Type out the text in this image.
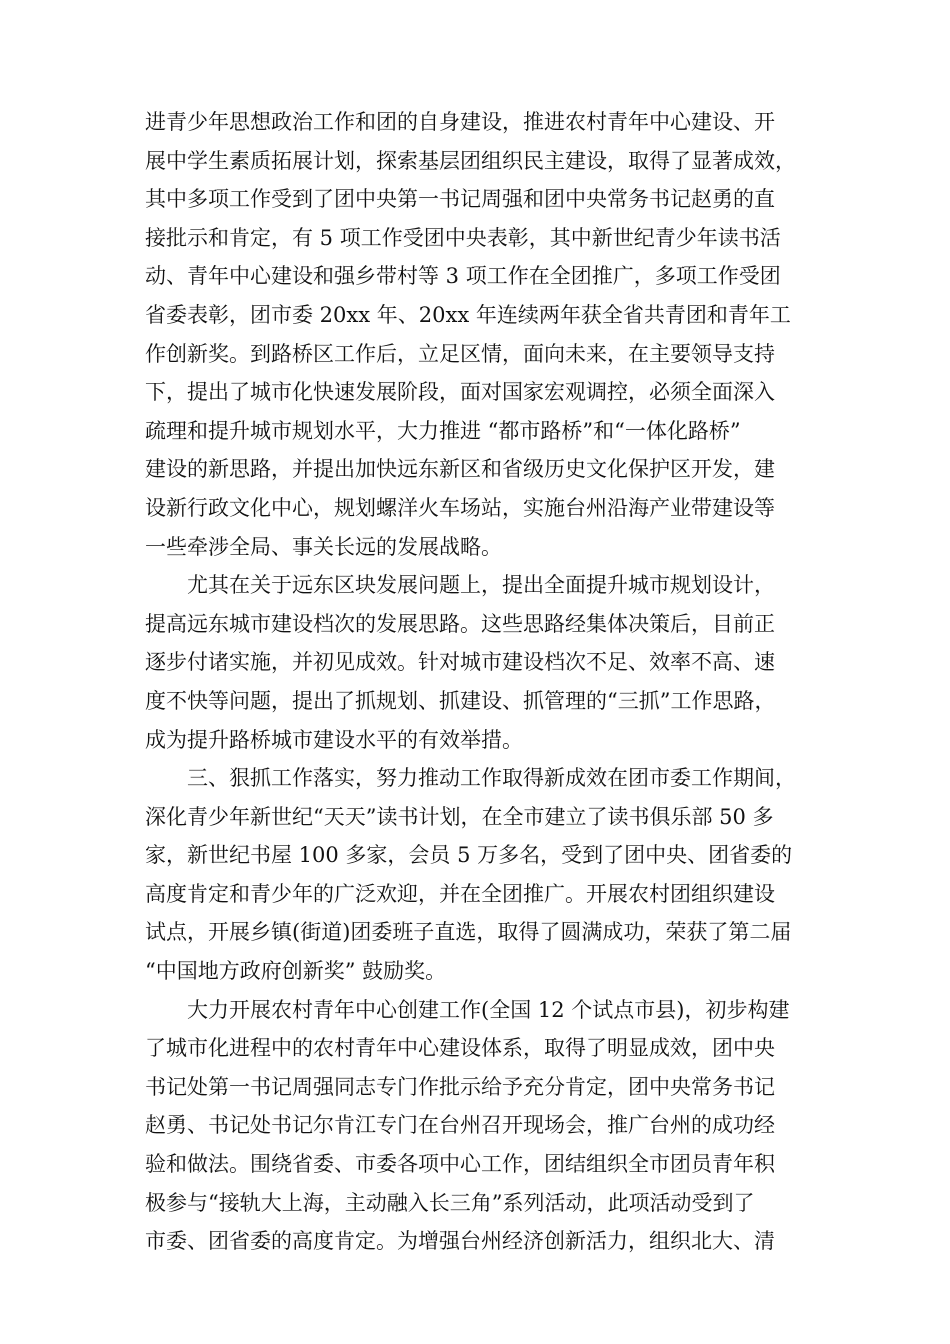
进青少年思想政治工作和团的自身建设，推进农村青年中心建设、开
展中学生素质拓展计划，探索基层团组织民主建设，取得了显著成效，
其中多项工作受到了团中央第一书记周强和团中央常务书记赵勇的直
接批示和肯定，有 5 项工作受团中央表彰，其中新世纪青少年读书活
动、青年中心建设和强乡带村等 3 项工作在全团推广，多项工作受团
省委表彰，团市委 20xx 年、20xx 年连续两年获全省共青团和青年工
作创新奖。到路桥区工作后，立足区情，面向未来，在主要领导支持
下，提出了城市化快速发展阶段，面对国家宏观调控，必须全面深入
疏理和提升城市规划水平，大力推进 “都市路桥”和“一体化路桥”
建设的新思路，并提出加快远东新区和省级历史文化保护区开发，建
设新行政文化中心，规划螺洋火车场站，实施台州沿海产业带建设等
一些牵涉全局、事关长远的发展战略。
尤其在关于远东区块发展问题上，提出全面提升城市规划设计，
提高远东城市建设档次的发展思路。这些思路经集体决策后，目前正
逐步付诸实施，并初见成效。针对城市建设档次不足、效率不高、速
度不快等问题，提出了抓规划、抓建设、抓管理的“三抓”工作思路，
成为提升路桥城市建设水平的有效举措。
三、狠抓工作落实，努力推动工作取得新成效在团市委工作期间，
深化青少年新世纪“天天”读书计划，在全市建立了读书俱乐部 50 多
家，新世纪书屋 100 多家，会员 5 万多名，受到了团中央、团省委的
高度肯定和青少年的广泛欢迎，并在全团推广。开展农村团组织建设
试点，开展乡镇(街道)团委班子直选，取得了圆满成功，荣获了第二届
“中国地方政府创新奖” 鼓励奖。
大力开展农村青年中心创建工作(全国 12 个试点市县)，初步构建
了城市化进程中的农村青年中心建设体系，取得了明显成效，团中央
书记处第一书记周强同志专门作批示给予充分肯定，团中央常务书记
赵勇、书记处书记尔肯江专门在台州召开现场会，推广台州的成功经
验和做法。围绕省委、市委各项中心工作，团结组织全市团员青年积
极参与“接轨大上海，主动融入长三角”系列活动，此项活动受到了
市委、团省委的高度肯定。为增强台州经济创新活力，组织北大、清
